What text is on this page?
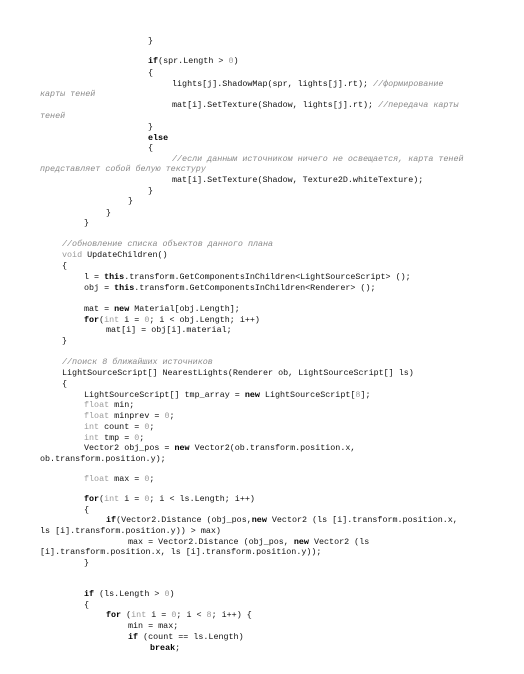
}
if(spr.Length > 0)
{
lights[j].ShadowMap(spr, lights[j].rt); //формирование
карты теней
mat[i].SetTexture(Shadow, lights[j].rt); //передача карты
теней
}
else
{
//если данным источником ничего не освещается, карта теней
представляет собой белую текстуру
mat[i].SetTexture(Shadow, Texture2D.whiteTexture);
}
}
}
}
//обновление списка объектов данного плана
void UpdateChildren()
{
l = this.transform.GetComponentsInChildren<LightSourceScript> ();
obj = this.transform.GetComponentsInChildren<Renderer> ();
mat = new Material[obj.Length];
for(int i = 0; i < obj.Length; i++)
mat[i] = obj[i].material;
}
//поиск 8 ближайших источников
LightSourceScript[] NearestLights(Renderer ob, LightSourceScript[] ls)
{
LightSourceScript[] tmp_array = new LightSourceScript[8];
float min;
float minprev = 0;
int count = 0;
int tmp = 0;
Vector2 obj_pos = new Vector2(ob.transform.position.x,
ob.transform.position.y);
float max = 0;
for(int i = 0; i < ls.Length; i++)
{
if(Vector2.Distance (obj_pos,new Vector2 (ls [i].transform.position.x,
ls [i].transform.position.y)) > max)
max = Vector2.Distance (obj_pos, new Vector2 (ls
[i].transform.position.x, ls [i].transform.position.y));
}
if (ls.Length > 0)
{
for (int i = 0; i < 8; i++) {
min = max;
if (count == ls.Length)
break;
